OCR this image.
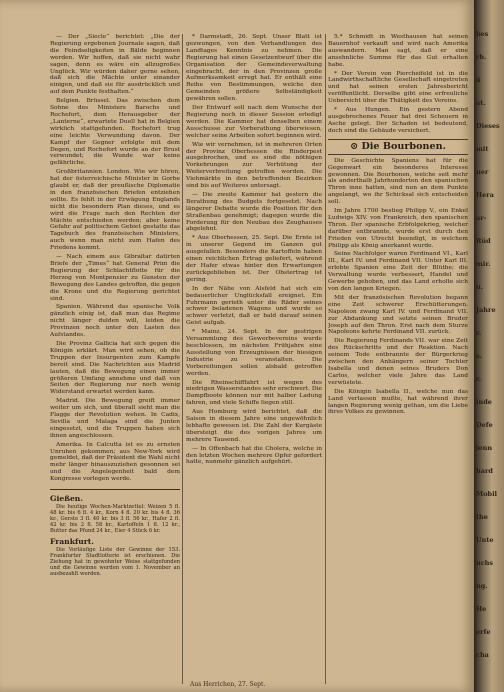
— Der „Siecle“ berichtet: „Die der Regierung ergebenen Journale sagen, daß die Feindseligkeiten in Bälde beginnen werden. Wir hoffen, daß sie nicht wahr sagen, denn es wäre ein allzugroßes Unglück. Wir würden daher gerne sehen, daß sich die Mächte unter einander einigen, und daß sie für ausdrücklich und auf dem Punkte festhalten.“

Belgien. Brüssel. Das zwischen dem Sohne des Ministers Barochs und Rochefort, dem Herausgeber der „Lanterne“, erwartete Duell hat in Belgien wirklich stattgefunden. Rochefort trug eine leichte Verwundung davon. Der Kampf der Gegner erfolgte mit dem Degen, und Rochefort wurde an der Brust verwundet; die Wunde war keine gefährliche.

Großbritannien. London. Wie wir hören, hat der österreichische Minister in Gorbe glaubt er, daß der preußische Diplomatie in den französischen Briefen entziehen sollte. Es fehlt in der Erwägung Englands nicht die besondern Plan dieses, und es wird die Frage nach den Rechten der Mächte entschieden werden; aber keine Gefahr auf politischem Gebiet gestatte das Tagebuch des französischen Ministers, auch wenn man nicht zum Hafen des Friedens kommt.

— Nach einem aus Gibraltar datirten Briefe der „Times“ hat General Prim die Regierung der Schlachtflotte für die Herzog von Montpensier zu Gunsten der Bewegung des Landes getroffen, die gegen die Krone und die Regierung gerichtet sind.

Spanien. Während das spanische Volk gänzlich einig ist, daß man das Regime nicht länger dulden will, leiden die Provinzen noch unter den Lasten des Aufstandes.

Die Provinz Gallicia hat sich gegen die Königin erklärt. Man wird sehen, ob die Truppen der Insurgenten zum Kampfe bereit sind. Die Nachrichten aus Madrid lauten, daß die Bewegung einen immer größeren Umfang annehme und daß von Seiten der Regierung nur noch wenig Widerstand erwartet werden kann.

Madrid. Die Bewegung greift immer weiter um sich, und überall sieht man die Flagge der Revolution wehen. In Cadix, Sevilla und Malaga sind die Junten eingesetzt, und die Truppen haben sich ihnen angeschlossen.

Amerika. In Calcutta ist es zu ernsten Unruhen gekommen; aus New-York wird gemeldet, daß der Präsident die Wahl nicht mehr länger hinauszuziehen gesonnen sei und die Angelegenheit bald dem Kongresse vorlegen werde.

Gießen.

Die heutige Wochen-Marktzettel: Weizen 5 fl. 48 kr. bis 6 fl. 4 kr., Korn 4 fl. 20 kr. bis 4 fl. 36 kr., Gerste 3 fl. 40 kr. bis 3 fl. 56 kr., Hafer 2 fl. 42 kr. bis 2 fl. 58 kr., Kartoffeln 1 fl. 12 kr., Butter das Pfund 24 kr., Eier 4 Stück 6 kr.

Frankfurt.

Die Vorläufige Liste der Gewinne der 153. Frankfurter Stadtlotterie ist erschienen. Die Ziehung hat in gewohnter Weise stattgefunden und die Gewinne werden vom 1. November an ausbezahlt werden.

* Darmstadt, 26. Sept. Unser Blatt ist gezwungen, von den Verhandlungen des Landtages Kenntnis zu nehmen. Die Regierung hat einen Gesetzentwurf über die Organisation der Gemeindeverwaltung eingebracht, der in den Provinzen große Aufmerksamkeit erregt hat. Er enthält eine Reihe von Bestimmungen, welche den Gemeinden größere Selbständigkeit gewähren sollen.

Der Entwurf soll nach dem Wunsche der Regierung noch in dieser Session erledigt werden. Die Kammer hat denselben einem Ausschusse zur Vorberathung überwiesen, welcher seine Arbeiten sofort beginnen wird.

Wie wir vernehmen, ist in mehreren Orten der Provinz Oberhessen die Rinderpest ausgebrochen, und es sind die nöthigen Vorkehrungen zur Verhütung der Weiterverbreitung getroffen worden. Die Viehmärkte in den betreffenden Bezirken sind bis auf Weiteres untersagt.

— Die zweite Kammer hat gestern die Berathung des Budgets fortgesetzt. Nach längerer Debatte wurde die Position für den Straßenbau genehmigt; dagegen wurde die Forderung für den Neubau des Zeughauses abgelehnt.

* Aus Oberhessen, 25. Sept. Die Ernte ist in unserer Gegend im Ganzen gut ausgefallen. Besonders die Kartoffeln haben einen reichlichen Ertrag geliefert, während der Hafer etwas hinter den Erwartungen zurückgeblieben ist. Der Obstertrag ist gering.

In der Nähe von Alsfeld hat sich ein bedauerlicher Unglücksfall ereignet. Ein Fuhrmann gerieth unter die Räder seines schwer beladenen Wagens und wurde so schwer verletzt, daß er bald darauf seinen Geist aufgab.

* Mainz, 24. Sept. In der gestrigen Versammlung des Gewerbevereins wurde beschlossen, im nächsten Frühjahre eine Ausstellung von Erzeugnissen der hiesigen Industrie zu veranstalten. Die Vorbereitungen sollen alsbald getroffen werden.

Die Rheinschifffahrt ist wegen des niedrigen Wasserstandes sehr erschwert. Die Dampfboote können nur mit halber Ladung fahren, und viele Schiffe liegen still.

Aus Homburg wird berichtet, daß die Saison in diesem Jahre eine ungewöhnlich lebhafte gewesen ist. Die Zahl der Kurgäste übersteigt die des vorigen Jahres um mehrere Tausend.

— In Offenbach hat die Cholera, welche in den letzten Wochen mehrere Opfer gefordert hatte, nunmehr gänzlich aufgehört.

5.* Schmidt in Westhausen hat seinen Bauernhof verkauft und wird nach Amerika auswandern. Man sagt, daß er eine ansehnliche Summe für das Gut erhalten habe.

* Der Verein von Piercheifeld ist in die Landwirthschaftliche Gesellschaft eingetreten und hat seinen ersten Jahresbericht veröffentlicht. Derselbe gibt eine erfreuliche Uebersicht über die Thätigkeit des Vereins.

* Aus Hungen. Ein gestern Abend ausgebrochenes Feuer hat drei Scheuern in Asche gelegt. Der Schaden ist bedeutend, doch sind die Gebäude versichert.

⊙ Die Bourbonen.

Die Geschichte Spaniens hat für die Gegenwart ein besonderes Interesse gewonnen. Die Bourbonen, welche seit mehr als anderthalb Jahrhunderten den spanischen Thron inne hatten, sind nun an dem Punkte angelangt, wo ihr Schicksal sich entscheiden soll.

Im Jahre 1700 bestieg Philipp V., ein Enkel Ludwigs XIV. von Frankreich, den spanischen Thron. Der spanische Erbfolgekrieg, welcher darüber entbrannte, wurde erst durch den Frieden von Utrecht beendigt, in welchem Philipp als König anerkannt wurde.

Seine Nachfolger waren Ferdinand VI., Karl III., Karl IV. und Ferdinand VII. Unter Karl III. erlebte Spanien eine Zeit der Blüthe; die Verwaltung wurde verbessert, Handel und Gewerbe gehoben, und das Land erholte sich von den langen Kriegen.

Mit der französischen Revolution begann eine Zeit schwerer Erschütterungen. Napoleon zwang Karl IV. und Ferdinand VII. zur Abdankung und setzte seinen Bruder Joseph auf den Thron. Erst nach dem Sturze Napoleons kehrte Ferdinand VII. zurück.

Die Regierung Ferdinands VII. war eine Zeit des Rückschritts und der Reaktion. Nach seinem Tode entbrannte der Bürgerkrieg zwischen den Anhängern seiner Tochter Isabella und denen seines Bruders Don Carlos, welcher viele Jahre das Land verwüstete.

Die Königin Isabella II., welche nun das Land verlassen mußte, hat während ihrer langen Regierung wenig gethan, um die Liebe ihres Volkes zu gewinnen.

Aus Herrichen, 27. Sept.
bes
rb.
ü
at.
Dieses
mit
ner
Hera
ar-
Rüd
mir.
u.
Jahre
r.
s.
r.
inde
Defe
ienn
hard
Mobil
the
Unte
uchs
ng.
He
erfe
cha
